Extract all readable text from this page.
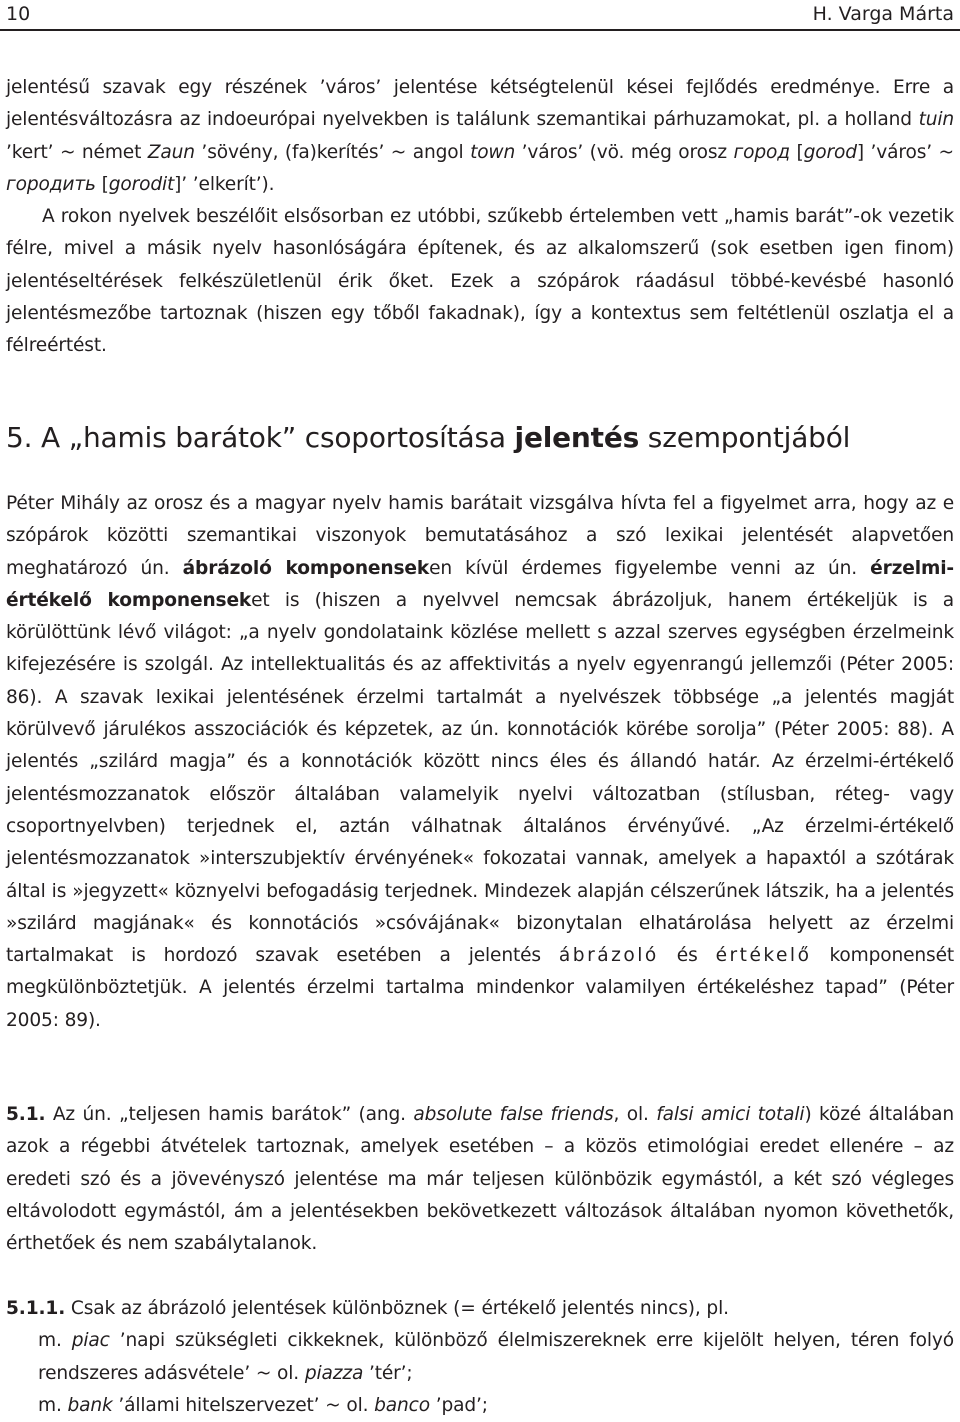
10	H. Varga Márta
jelentésű szavak egy részének ’város’ jelentése kétségtelenül kései fejlődés eredménye. Erre a jelentésváltozásra az indoeurópai nyelvekben is találunk szemantikai párhuzamokat, pl. a holland tuin ’kert’ ~ német Zaun ’sövény, (fa)kerítés’ ~ angol town ’város’ (vö. még orosz город [gorod] ’város’ ~ городить [gorodit]’ ’elkerít’).
A rokon nyelvek beszélőit elsősorban ez utóbbi, szűkebb értelemben vett „hamis barát”-ok vezetik félre, mivel a másik nyelv hasonlóságára építenek, és az alkalomszerű (sok esetben igen finom) jelentéseltérések felkészületlenül érik őket. Ezek a szópárok ráadásul többé-kevésbé hasonló jelentésmezőbe tartoznak (hiszen egy tőből fakadnak), így a kontextus sem feltétlenül oszlatja el a félreértést.
5. A „hamis barátok” csoportosítása jelentés szempontjából
Péter Mihály az orosz és a magyar nyelv hamis barátait vizsgálva hívta fel a figyelmet arra, hogy az e szópárok közötti szemantikai viszonyok bemutatásához a szó lexikai jelentését alapvetően meghatározó ún. ábrázoló komponenseken kívül érdemes figyelembe venni az ún. érzelmi-értékelő komponenseket is (hiszen a nyelvvel nemcsak ábrázoljuk, hanem értékeljük is a körülöttünk lévő világot: „a nyelv gondolataink közlése mellett s azzal szerves egységben érzelmeink kifejezésére is szolgál. Az intellektualitás és az affektivitás a nyelv egyenrangú jellemzői (Péter 2005: 86). A szavak lexikai jelentésének érzelmi tartalmát a nyelvészek többsége „a jelentés magját körülvevő járulékos asszociációk és képzetek, az ún. konnotációk körébe sorolja” (Péter 2005: 88). A jelentés „szilárd magja” és a konnotációk között nincs éles és állandó határ. Az érzelmi-értékelő jelentésmozzanatok először általában valamelyik nyelvi változatban (stílusban, réteg- vagy csoportnyelvben) terjednek el, aztán válhatnak általános érvényűvé. „Az érzelmi-értékelő jelentésmozzanatok »interszubjektív érvényének« fokozatai vannak, amelyek a hapaxtól a szótárak által is »jegyzett« köznyelvi befogadásig terjednek. Mindezek alapján célszerűnek látszik, ha a jelentés »szilárd magjának« és konnotációs »csóvájának« bizonytalan elhatárolása helyett az érzelmi tartalmakat is hordozó szavak esetében a jelentés ábrázoló és értékelő komponensét megkülönböztetjük. A jelentés érzelmi tartalma mindenkor valamilyen értékeléshez tapad” (Péter 2005: 89).
5.1. Az ún. „teljesen hamis barátok” (ang. absolute false friends, ol. falsi amici totali) közé általában azok a régebbi átvételek tartoznak, amelyek esetében – a közös etimológiai eredet ellenére – az eredeti szó és a jövevényszó jelentése ma már teljesen különbözik egymástól, a két szó végleges eltávolodott egymástól, ám a jelentésekben bekövetkezett változások általában nyomon követhetők, érthetőek és nem szabálytalanok.
5.1.1. Csak az ábrázoló jelentések különböznek (= értékelő jelentés nincs), pl.
m. piac ’napi szükségleti cikkeknek, különböző élelmiszereknek erre kijelölt helyen, téren folyó rendszeres adásvétele’ ~ ol. piazza ’tér’;
m. bank ’állami hitelszervezet’ ~ ol. banco ’pad’;
